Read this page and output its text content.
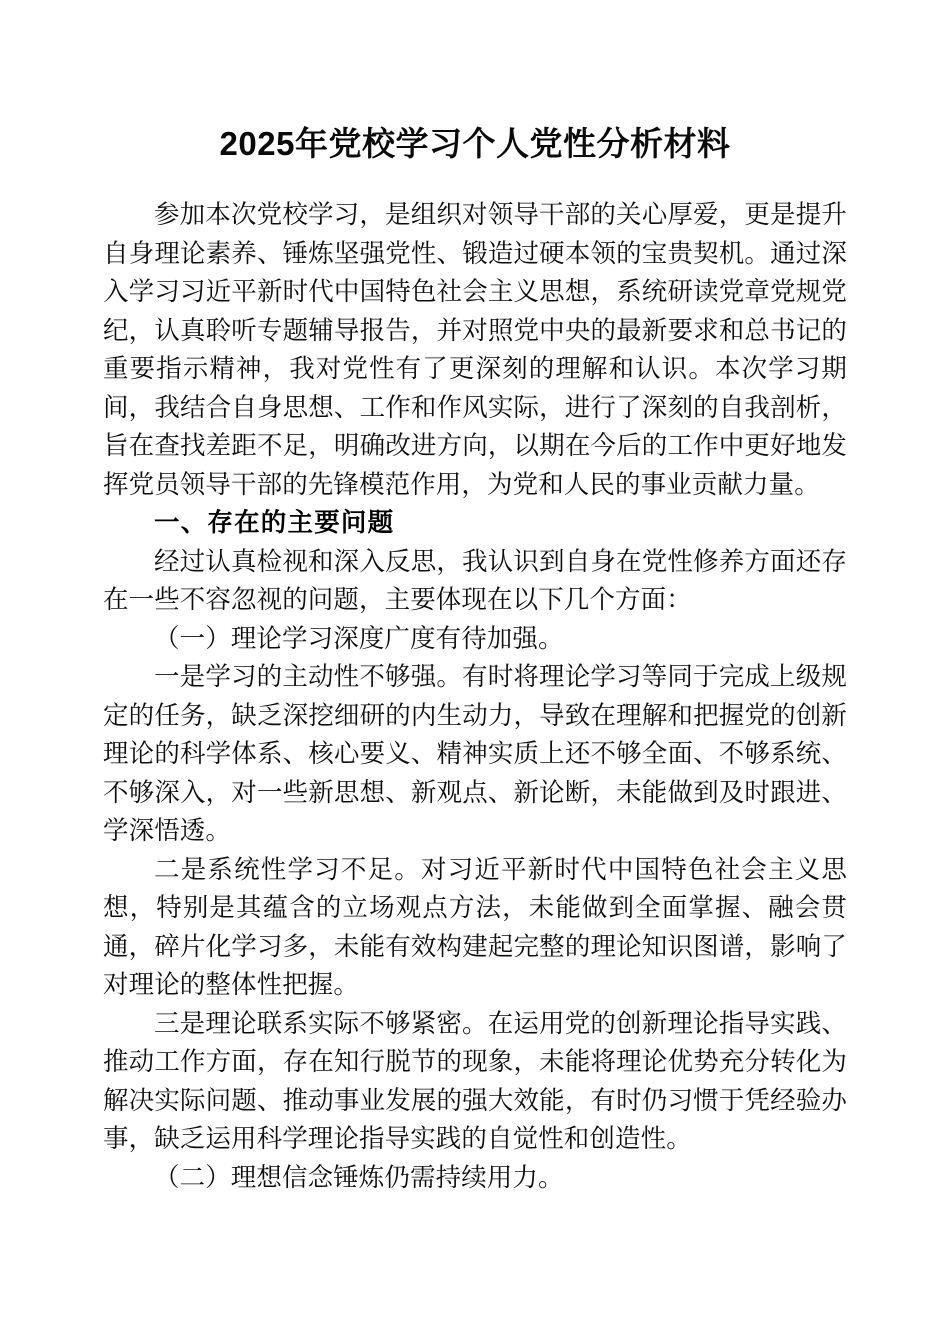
2025年党校学习个人党性分析材料

参加本次党校学习，是组织对领导干部的关心厚爱，更是提升自身理论素养、锤炼坚强党性、锻造过硬本领的宝贵契机。通过深入学习习近平新时代中国特色社会主义思想，系统研读党章党规党纪，认真聆听专题辅导报告，并对照党中央的最新要求和总书记的重要指示精神，我对党性有了更深刻的理解和认识。本次学习期间，我结合自身思想、工作和作风实际，进行了深刻的自我剖析，旨在查找差距不足，明确改进方向，以期在今后的工作中更好地发挥党员领导干部的先锋模范作用，为党和人民的事业贡献力量。

一、存在的主要问题

经过认真检视和深入反思，我认识到自身在党性修养方面还存在一些不容忽视的问题，主要体现在以下几个方面：

（一）理论学习深度广度有待加强。

一是学习的主动性不够强。有时将理论学习等同于完成上级规定的任务，缺乏深挖细研的内生动力，导致在理解和把握党的创新理论的科学体系、核心要义、精神实质上还不够全面、不够系统、不够深入，对一些新思想、新观点、新论断，未能做到及时跟进、学深悟透。

二是系统性学习不足。对习近平新时代中国特色社会主义思想，特别是其蕴含的立场观点方法，未能做到全面掌握、融会贯通，碎片化学习多，未能有效构建起完整的理论知识图谱，影响了对理论的整体性把握。

三是理论联系实际不够紧密。在运用党的创新理论指导实践、推动工作方面，存在知行脱节的现象，未能将理论优势充分转化为解决实际问题、推动事业发展的强大效能，有时仍习惯于凭经验办事，缺乏运用科学理论指导实践的自觉性和创造性。

（二）理想信念锤炼仍需持续用力。
